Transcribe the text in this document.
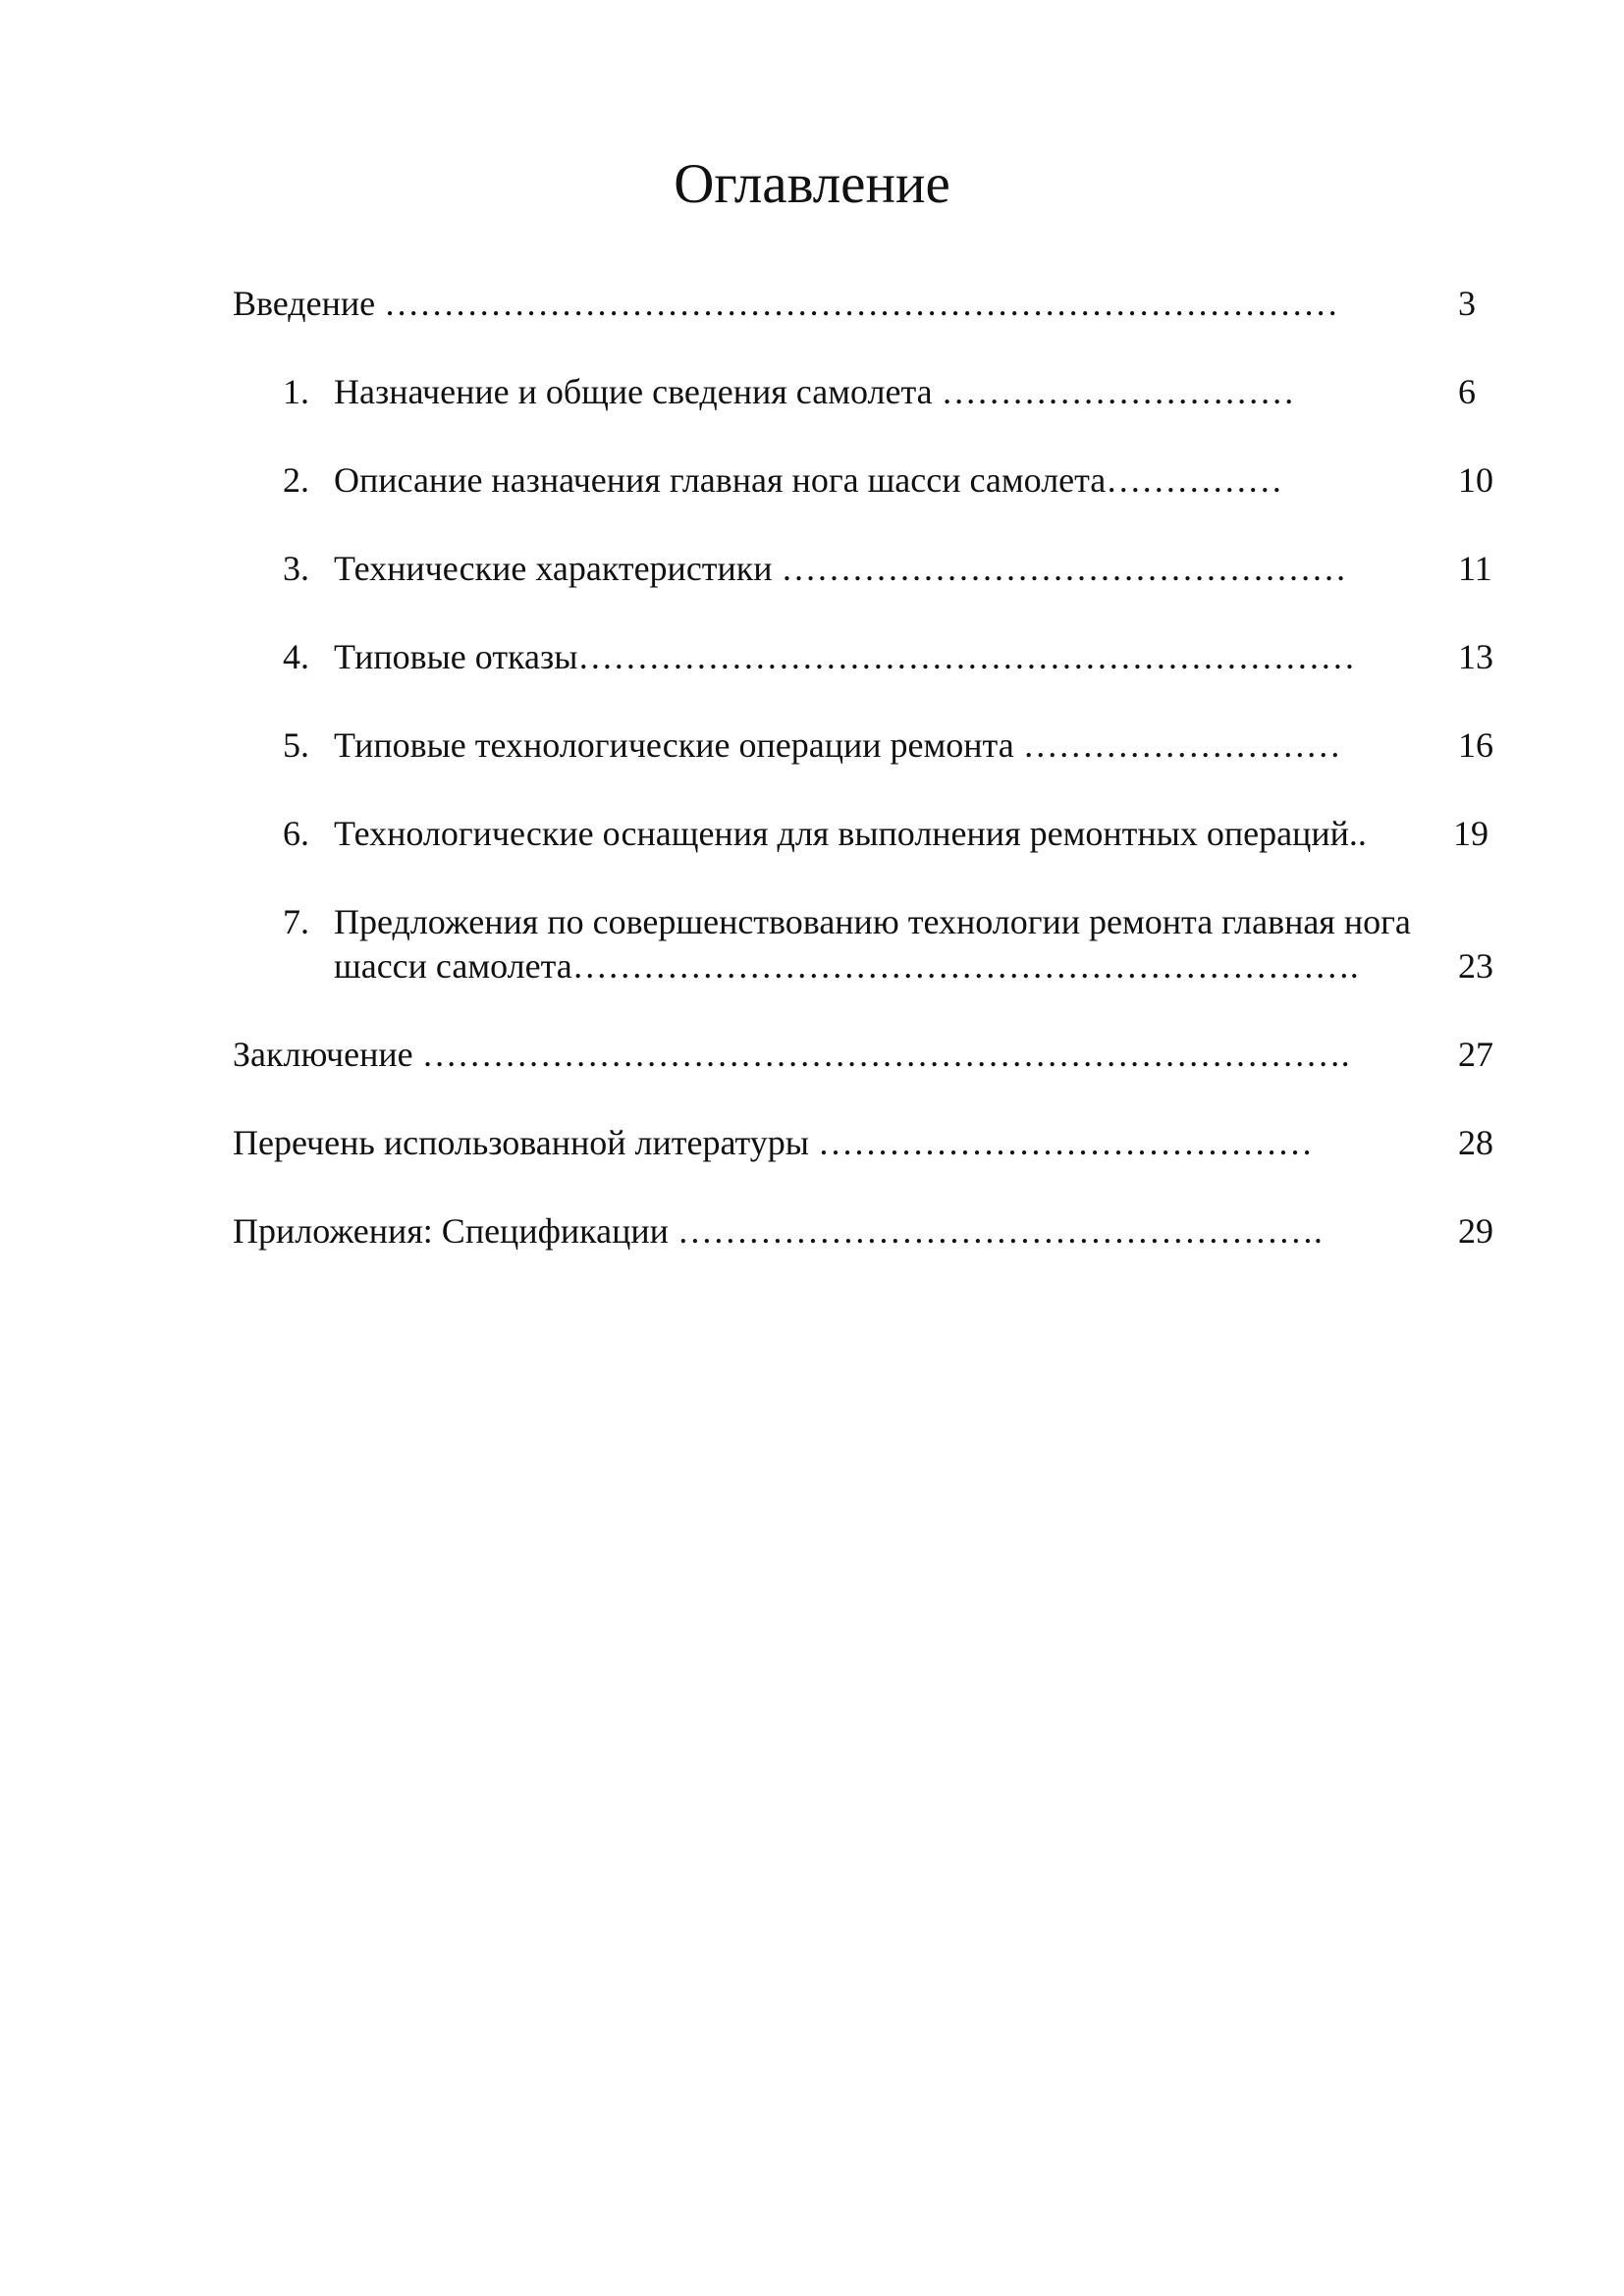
Оглавление
Введение ………………………………………………………………………	3
1. Назначение и общие сведения самолета …………………………	6
2. Описание назначения главная нога шасси самолета……………	10
3. Технические характеристики …………………………………………	11
4. Типовые отказы…………………………………………………………	13
5. Типовые технологические операции ремонта ………………………	16
6. Технологические оснащения для выполнения ремонтных операций.. 19
7. Предложения по совершенствованию технологии ремонта главная нога
шасси самолета………………………………………………………….	23
Заключение …………………………………………………………………….	27
Перечень использованной литературы ……………………………………	28
Приложения: Спецификации ……………………………………………….	29
